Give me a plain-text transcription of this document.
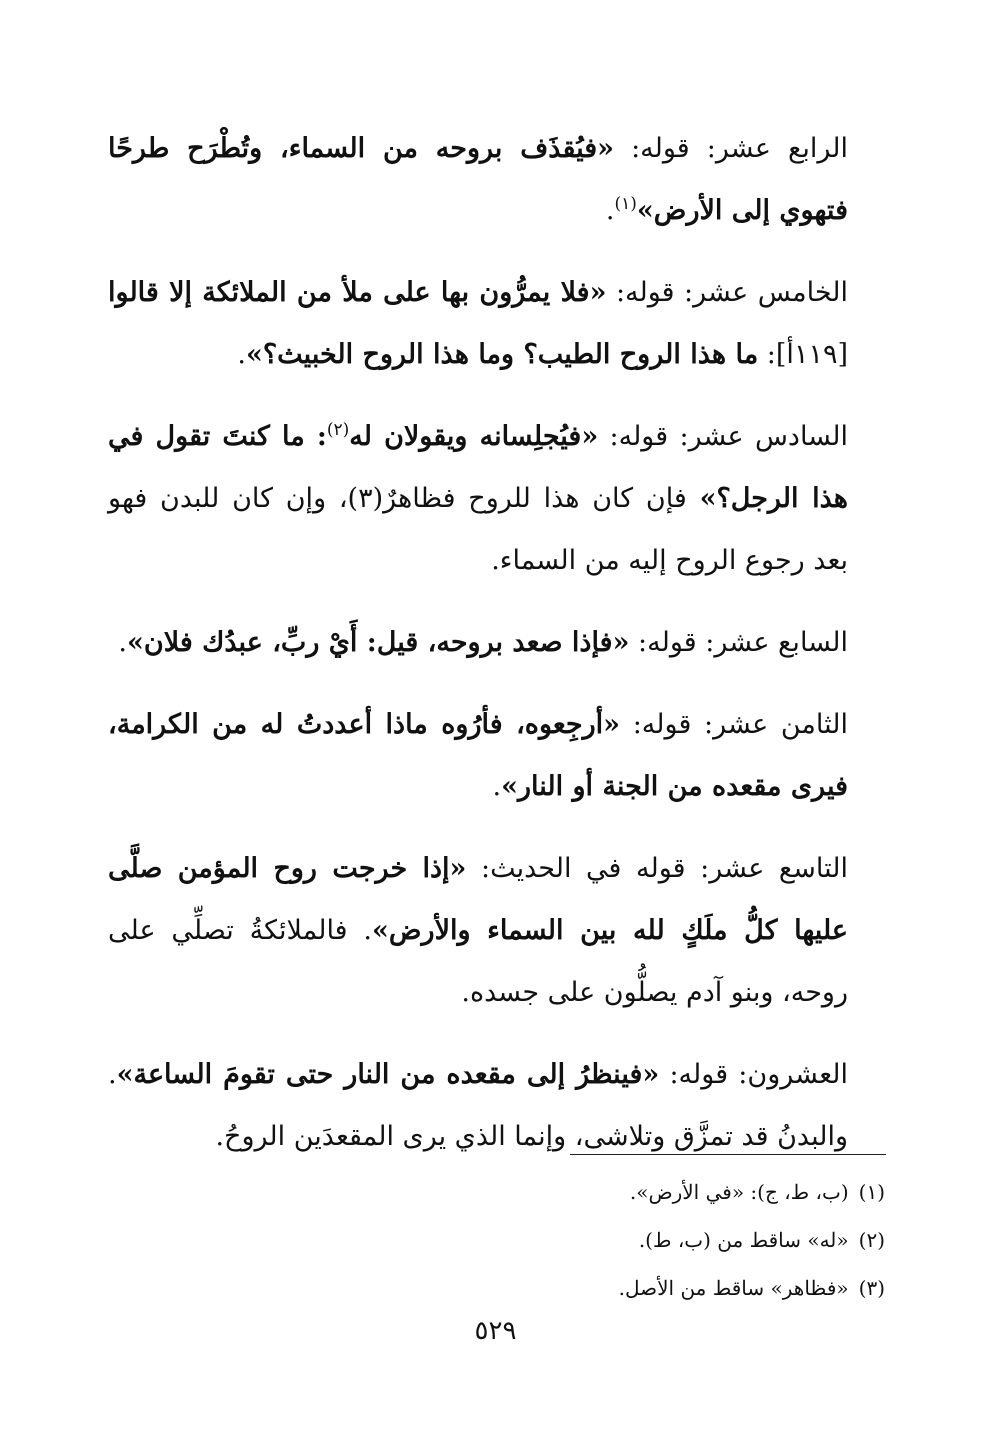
الرابع عشر: قوله: «فيُقذَف بروحه من السماء، وتُطْرَح طرحًا فتهوي إلى الأرض»$^{(١)}$.

الخامس عشر: قوله: «فلا يمرُّون بها على ملأ من الملائكة إلا قالوا [١١٩أ]: ما هذا الروح الطيب؟ وما هذا الروح الخبيث؟».

السادس عشر: قوله: «فيُجلِسانه ويقولان له$^{(٢)}$: ما كنتَ تقول في هذا الرجل؟» فإن كان هذا للروح فظاهرٌ(٣)، وإن كان للبدن فهو بعد رجوع الروح إليه من السماء.

السابع عشر: قوله: «فإذا صعد بروحه، قيل: أَيْ ربِّ، عبدُك فلان».

الثامن عشر: قوله: «أرجِعوه، فأرُوه ماذا أعددتُ له من الكرامة، فيرى مقعده من الجنة أو النار».

التاسع عشر: قوله في الحديث: «إذا خرجت روح المؤمن صلَّى عليها كلُّ ملَكٍ لله بين السماء والأرض». فالملائكةُ تصلِّي على روحه، وبنو آدم يصلُّون على جسده.

العشرون: قوله: «فينظرُ إلى مقعده من النار حتى تقومَ الساعة». والبدنُ قد تمزَّق وتلاشى، وإنما الذي يرى المقعدَين الروحُ.

(١)(ب، ط، ج): «في الأرض».
(٢)«له» ساقط من (ب، ط).
(٣)«فظاهر» ساقط من الأصل.
٥٢٩
